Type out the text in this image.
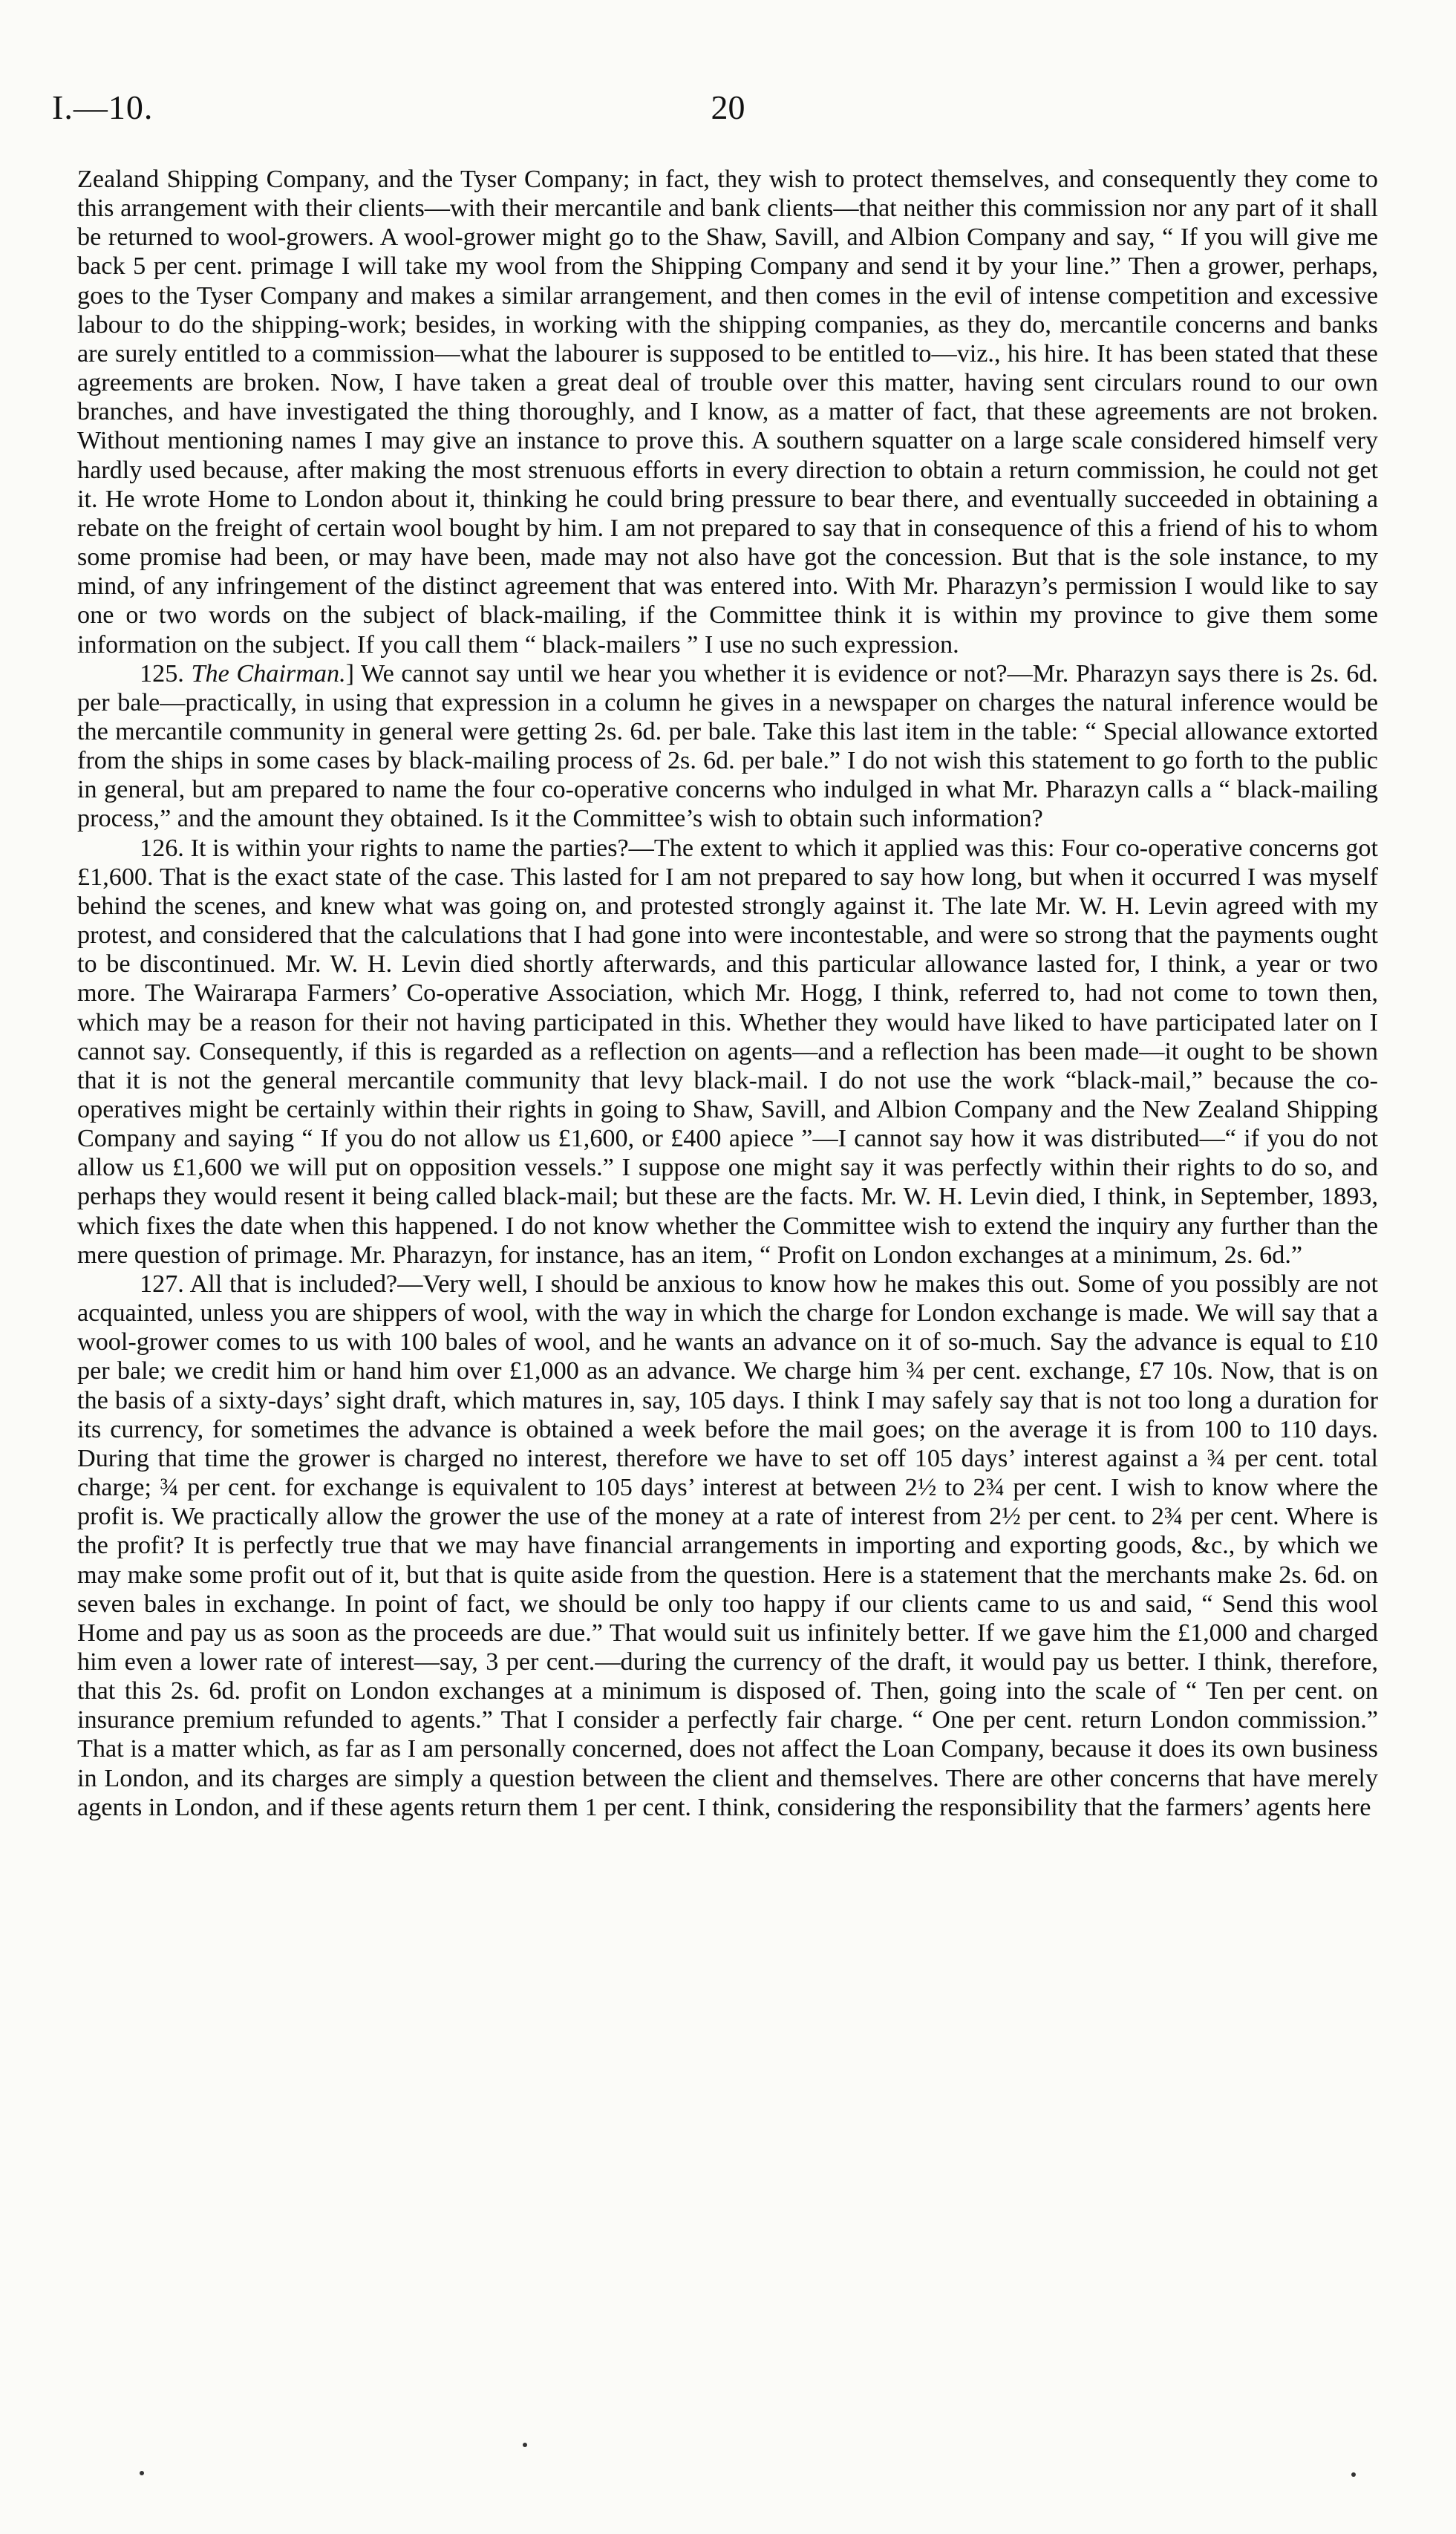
I.—10.	20

Zealand Shipping Company, and the Tyser Company; in fact, they wish to protect themselves, and consequently they come to this arrangement with their clients—with their mercantile and bank clients—that neither this commission nor any part of it shall be returned to wool-growers. A wool-grower might go to the Shaw, Savill, and Albion Company and say, “ If you will give me back 5 per cent. primage I will take my wool from the Shipping Company and send it by your line.” Then a grower, perhaps, goes to the Tyser Company and makes a similar arrangement, and then comes in the evil of intense competition and excessive labour to do the shipping-work; besides, in working with the shipping companies, as they do, mercantile concerns and banks are surely entitled to a commission—what the labourer is supposed to be entitled to—viz., his hire. It has been stated that these agreements are broken. Now, I have taken a great deal of trouble over this matter, having sent circulars round to our own branches, and have investigated the thing thoroughly, and I know, as a matter of fact, that these agreements are not broken. Without mentioning names I may give an instance to prove this. A southern squatter on a large scale considered himself very hardly used because, after making the most strenuous efforts in every direction to obtain a return commission, he could not get it. He wrote Home to London about it, thinking he could bring pressure to bear there, and eventually succeeded in obtaining a rebate on the freight of certain wool bought by him. I am not prepared to say that in consequence of this a friend of his to whom some promise had been, or may have been, made may not also have got the concession. But that is the sole instance, to my mind, of any infringement of the distinct agreement that was entered into. With Mr. Pharazyn’s permission I would like to say one or two words on the subject of black-mailing, if the Committee think it is within my province to give them some information on the subject. If you call them “ black-mailers ” I use no such expression.

125. The Chairman.] We cannot say until we hear you whether it is evidence or not?—Mr. Pharazyn says there is 2s. 6d. per bale—practically, in using that expression in a column he gives in a newspaper on charges the natural inference would be the mercantile community in general were getting 2s. 6d. per bale. Take this last item in the table: “ Special allowance extorted from the ships in some cases by black-mailing process of 2s. 6d. per bale.” I do not wish this statement to go forth to the public in general, but am prepared to name the four co-operative concerns who indulged in what Mr. Pharazyn calls a “ black-mailing process,” and the amount they obtained. Is it the Committee’s wish to obtain such information?

126. It is within your rights to name the parties?—The extent to which it applied was this: Four co-operative concerns got £1,600. That is the exact state of the case. This lasted for I am not prepared to say how long, but when it occurred I was myself behind the scenes, and knew what was going on, and protested strongly against it. The late Mr. W. H. Levin agreed with my protest, and considered that the calculations that I had gone into were incontestable, and were so strong that the payments ought to be discontinued. Mr. W. H. Levin died shortly afterwards, and this particular allowance lasted for, I think, a year or two more. The Wairarapa Farmers’ Co-operative Association, which Mr. Hogg, I think, referred to, had not come to town then, which may be a reason for their not having participated in this. Whether they would have liked to have participated later on I cannot say. Consequently, if this is regarded as a reflection on agents—and a reflection has been made—it ought to be shown that it is not the general mercantile community that levy black-mail. I do not use the work “black-mail,” because the co-operatives might be certainly within their rights in going to Shaw, Savill, and Albion Company and the New Zealand Shipping Company and saying “ If you do not allow us £1,600, or £400 apiece ”—I cannot say how it was distributed—“ if you do not allow us £1,600 we will put on opposition vessels.” I suppose one might say it was perfectly within their rights to do so, and perhaps they would resent it being called black-mail; but these are the facts. Mr. W. H. Levin died, I think, in September, 1893, which fixes the date when this happened. I do not know whether the Committee wish to extend the inquiry any further than the mere question of primage. Mr. Pharazyn, for instance, has an item, “ Profit on London exchanges at a minimum, 2s. 6d.”

127. All that is included?—Very well, I should be anxious to know how he makes this out. Some of you possibly are not acquainted, unless you are shippers of wool, with the way in which the charge for London exchange is made. We will say that a wool-grower comes to us with 100 bales of wool, and he wants an advance on it of so-much. Say the advance is equal to £10 per bale; we credit him or hand him over £1,000 as an advance. We charge him ¾ per cent. exchange, £7 10s. Now, that is on the basis of a sixty-days’ sight draft, which matures in, say, 105 days. I think I may safely say that is not too long a duration for its currency, for sometimes the advance is obtained a week before the mail goes; on the average it is from 100 to 110 days. During that time the grower is charged no interest, therefore we have to set off 105 days’ interest against a ¾ per cent. total charge; ¾ per cent. for exchange is equivalent to 105 days’ interest at between 2½ to 2¾ per cent. I wish to know where the profit is. We practically allow the grower the use of the money at a rate of interest from 2½ per cent. to 2¾ per cent. Where is the profit? It is perfectly true that we may have financial arrangements in importing and exporting goods, &c., by which we may make some profit out of it, but that is quite aside from the question. Here is a statement that the merchants make 2s. 6d. on seven bales in exchange. In point of fact, we should be only too happy if our clients came to us and said, “ Send this wool Home and pay us as soon as the proceeds are due.” That would suit us infinitely better. If we gave him the £1,000 and charged him even a lower rate of interest—say, 3 per cent.—during the currency of the draft, it would pay us better. I think, therefore, that this 2s. 6d. profit on London exchanges at a minimum is disposed of. Then, going into the scale of “ Ten per cent. on insurance premium refunded to agents.” That I consider a perfectly fair charge. “ One per cent. return London commission.” That is a matter which, as far as I am personally concerned, does not affect the Loan Company, because it does its own business in London, and its charges are simply a question between the client and themselves. There are other concerns that have merely agents in London, and if these agents return them 1 per cent. I think, considering the responsibility that the farmers’ agents here
